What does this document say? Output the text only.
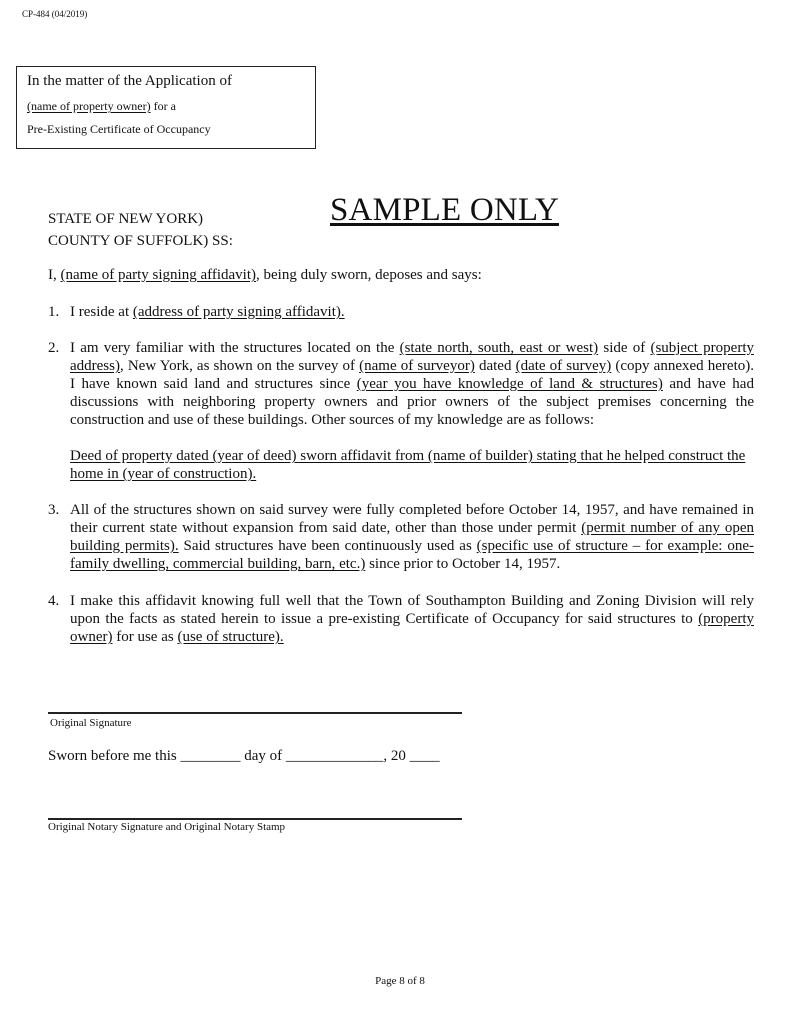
CP-484 (04/2019)
In the matter of the Application of
(name of property owner) for a
Pre-Existing Certificate of Occupancy
STATE OF NEW YORK)
COUNTY OF SUFFOLK) SS:
SAMPLE ONLY
I, (name of party signing affidavit), being duly sworn, deposes and says:
1. I reside at (address of party signing affidavit).
2. I am very familiar with the structures located on the (state north, south, east or west) side of (subject property address), New York, as shown on the survey of (name of surveyor) dated (date of survey) (copy annexed hereto). I have known said land and structures since (year you have knowledge of land & structures) and have had discussions with neighboring property owners and prior owners of the subject premises concerning the construction and use of these buildings. Other sources of my knowledge are as follows:
Deed of property dated (year of deed) sworn affidavit from (name of builder) stating that he helped construct the home in (year of construction).
3. All of the structures shown on said survey were fully completed before October 14, 1957, and have remained in their current state without expansion from said date, other than those under permit (permit number of any open building permits). Said structures have been continuously used as (specific use of structure – for example: one-family dwelling, commercial building, barn, etc.) since prior to October 14, 1957.
4. I make this affidavit knowing full well that the Town of Southampton Building and Zoning Division will rely upon the facts as stated herein to issue a pre-existing Certificate of Occupancy for said structures to (property owner) for use as (use of structure).
Original Signature
Sworn before me this ________ day of _____________, 20 ____
Original Notary Signature and Original Notary Stamp
Page 8 of 8
